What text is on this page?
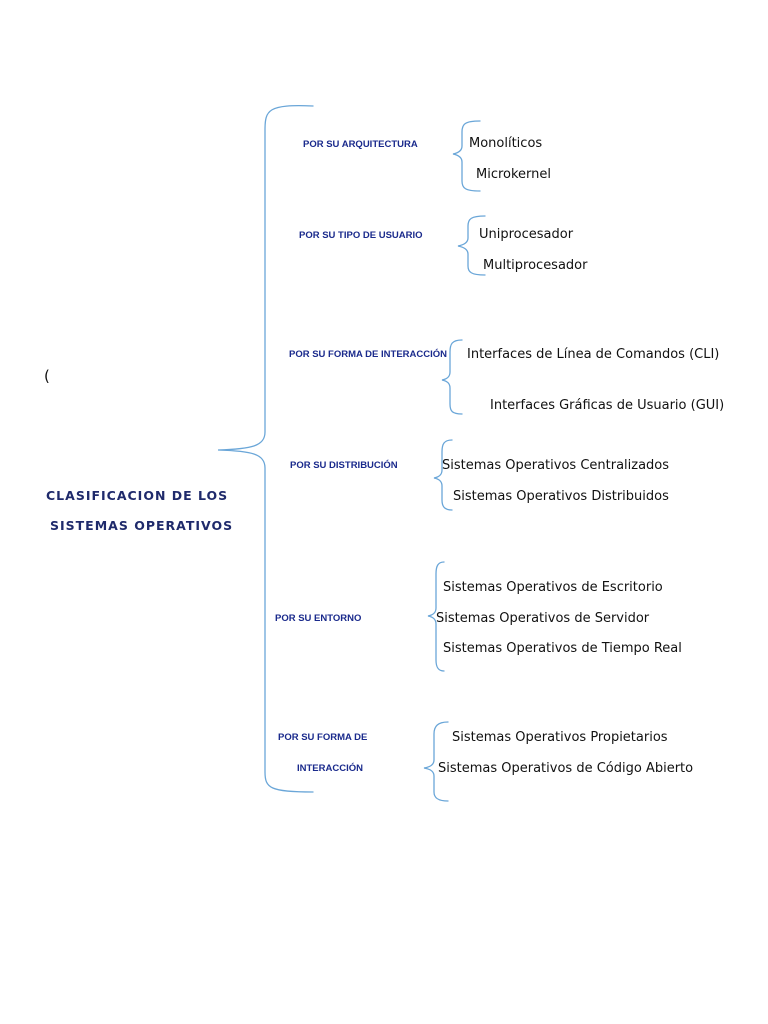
(
CLASIFICACION DE LOS
SISTEMAS OPERATIVOS
POR SU ARQUITECTURA	Monolíticos
Microkernel
POR SU TIPO DE USUARIO	Uniprocesador
Multiprocesador
POR SU FORMA DE INTERACCIÓN Interfaces de Línea de Comandos (CLI)
Interfaces Gráficas de Usuario (GUI)
POR SU DISTRIBUCIÓN	Sistemas Operativos Centralizados
Sistemas Operativos Distribuidos
POR SU ENTORNO
Sistemas Operativos de Escritorio
Sistemas Operativos de Servidor
Sistemas Operativos de Tiempo Real
POR SU FORMA DE
INTERACCIÓN
Sistemas Operativos Propietarios
Sistemas Operativos de Código Abierto
